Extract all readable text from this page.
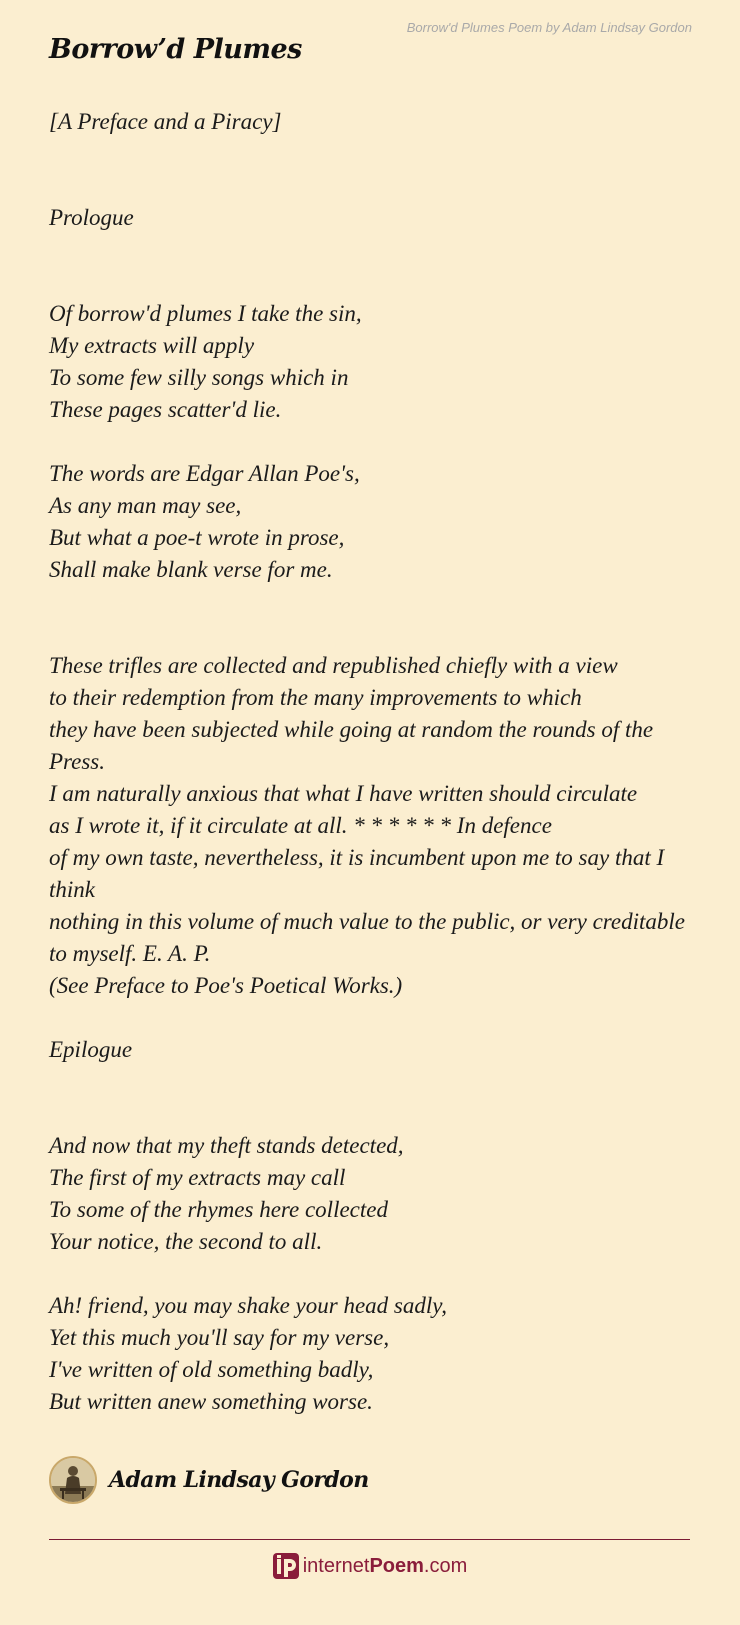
Borrow'd Plumes Poem by Adam Lindsay Gordon
Borrow’d Plumes
[A Preface and a Piracy]
Prologue
Of borrow'd plumes I take the sin,
My extracts will apply
To some few silly songs which in
These pages scatter'd lie.
The words are Edgar Allan Poe's,
As any man may see,
But what a poe-t wrote in prose,
Shall make blank verse for me.
These trifles are collected and republished chiefly with a view
to their redemption from the many improvements to which
they have been subjected while going at random the rounds of the Press.
I am naturally anxious that what I have written should circulate
as I wrote it, if it circulate at all. * * * * * * In defence
of my own taste, nevertheless, it is incumbent upon me to say that I think
nothing in this volume of much value to the public, or very creditable to myself. E. A. P.
(See Preface to Poe's Poetical Works.)
Epilogue
And now that my theft stands detected,
The first of my extracts may call
To some of the rhymes here collected
Your notice, the second to all.
Ah! friend, you may shake your head sadly,
Yet this much you'll say for my verse,
I've written of old something badly,
But written anew something worse.
Adam Lindsay Gordon
internetPoem.com
